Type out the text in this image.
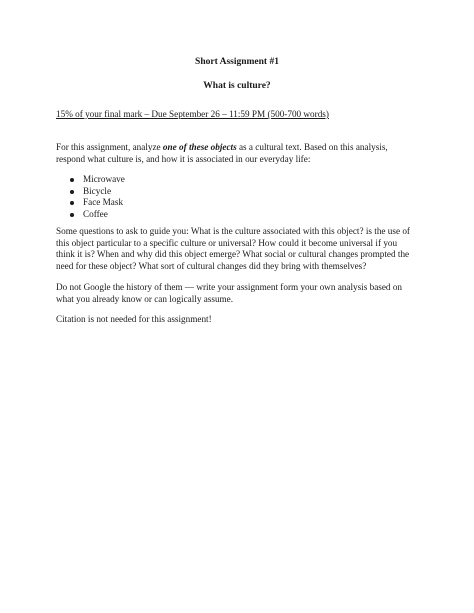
Short Assignment #1
What is culture?
15% of your final mark – Due September 26 – 11:59 PM (500-700 words)
For this assignment, analyze one of these objects as a cultural text. Based on this analysis, respond what culture is, and how it is associated in our everyday life:
Microwave
Bicycle
Face Mask
Coffee
Some questions to ask to guide you: What is the culture associated with this object? is the use of this object particular to a specific culture or universal? How could it become universal if you think it is? When and why did this object emerge? What social or cultural changes prompted the need for these object? What sort of cultural changes did they bring with themselves?
Do not Google the history of them — write your assignment form your own analysis based on what you already know or can logically assume.
Citation is not needed for this assignment!
